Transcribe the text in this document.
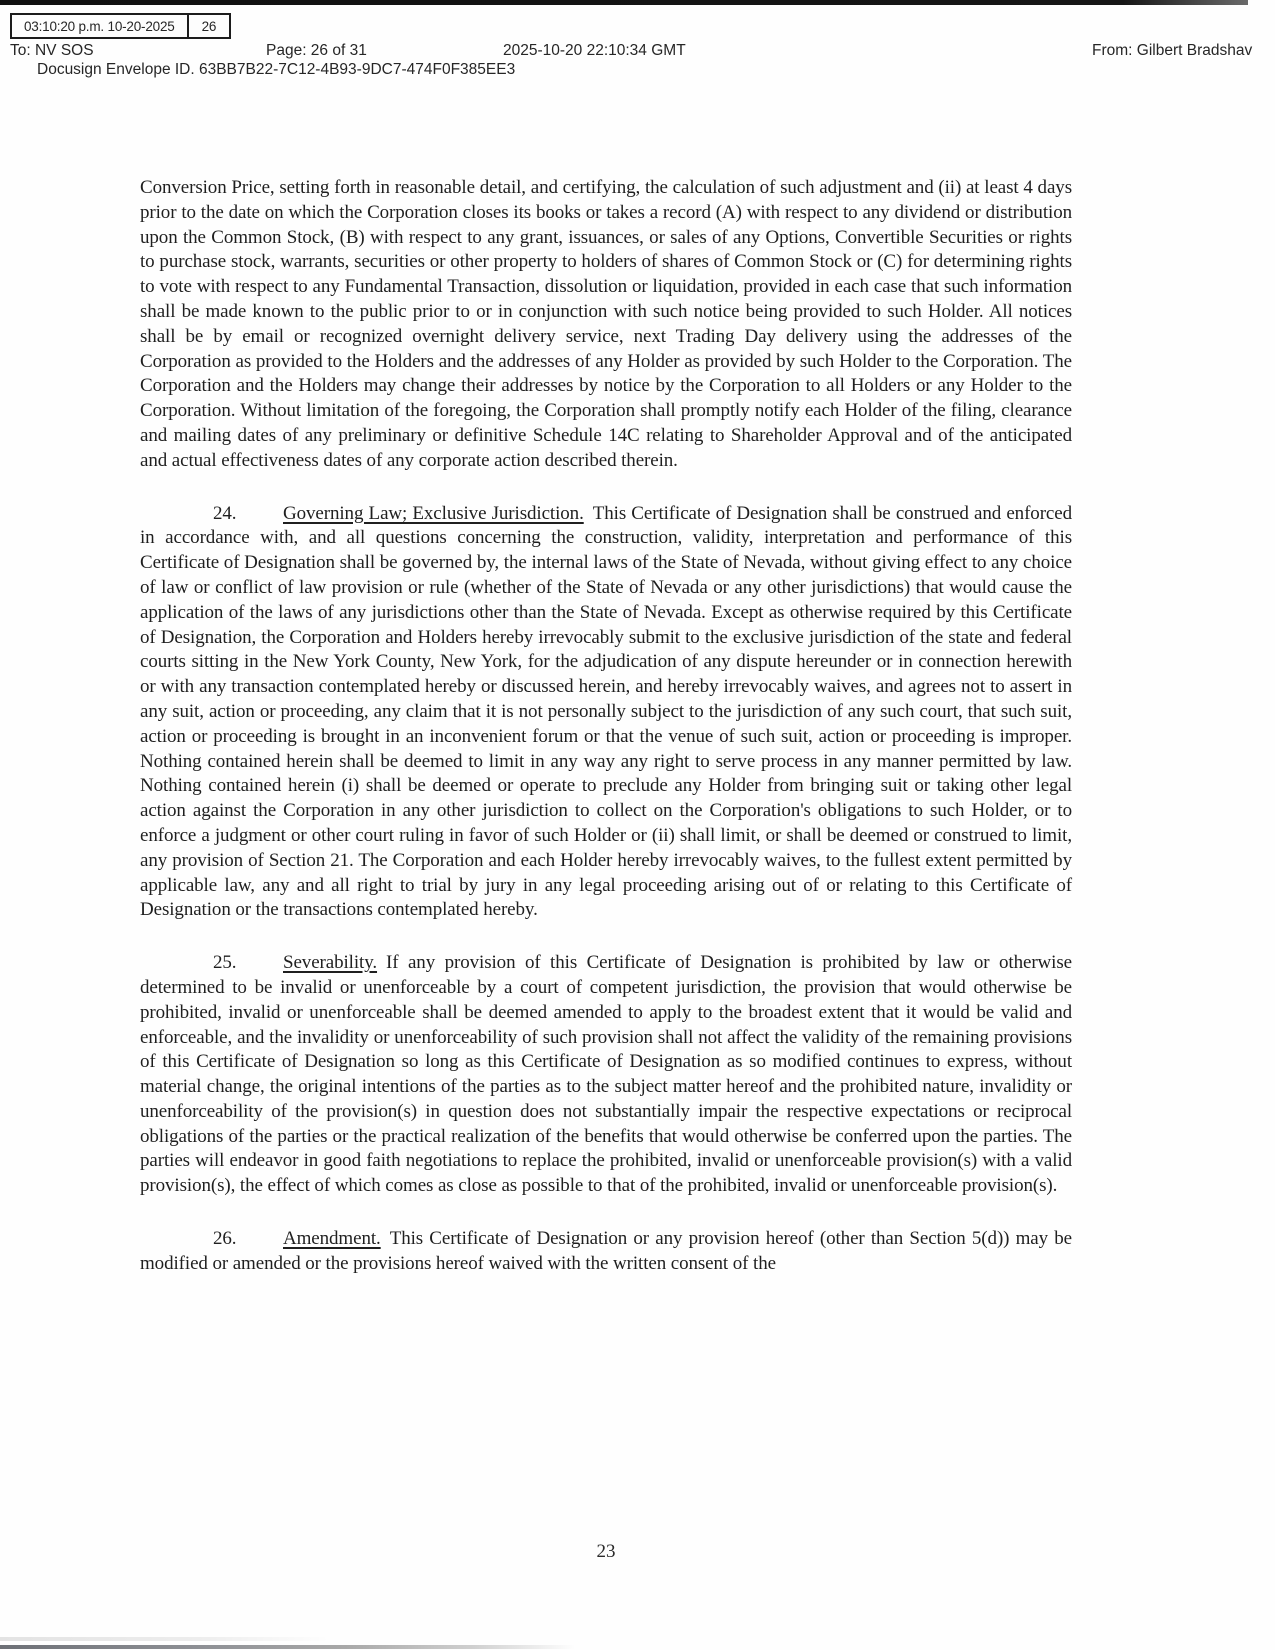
03:10:20 p.m. 10-20-2025	26
To: NV SOS	Page: 26 of 31	2025-10-20 22:10:34 GMT	From: Gilbert Bradshav
Docusign Envelope ID. 63BB7B22-7C12-4B93-9DC7-474F0F385EE3

Conversion Price, setting forth in reasonable detail, and certifying, the calculation of such adjustment and (ii) at least 4 days prior to the date on which the Corporation closes its books or takes a record (A) with respect to any dividend or distribution upon the Common Stock, (B) with respect to any grant, issuances, or sales of any Options, Convertible Securities or rights to purchase stock, warrants, securities or other property to holders of shares of Common Stock or (C) for determining rights to vote with respect to any Fundamental Transaction, dissolution or liquidation, provided in each case that such information shall be made known to the public prior to or in conjunction with such notice being provided to such Holder. All notices shall be by email or recognized overnight delivery service, next Trading Day delivery using the addresses of the Corporation as provided to the Holders and the addresses of any Holder as provided by such Holder to the Corporation. The Corporation and the Holders may change their addresses by notice by the Corporation to all Holders or any Holder to the Corporation. Without limitation of the foregoing, the Corporation shall promptly notify each Holder of the filing, clearance and mailing dates of any preliminary or definitive Schedule 14C relating to Shareholder Approval and of the anticipated and actual effectiveness dates of any corporate action described therein.

24. Governing Law; Exclusive Jurisdiction. This Certificate of Designation shall be construed and enforced in accordance with, and all questions concerning the construction, validity, interpretation and performance of this Certificate of Designation shall be governed by, the internal laws of the State of Nevada, without giving effect to any choice of law or conflict of law provision or rule (whether of the State of Nevada or any other jurisdictions) that would cause the application of the laws of any jurisdictions other than the State of Nevada. Except as otherwise required by this Certificate of Designation, the Corporation and Holders hereby irrevocably submit to the exclusive jurisdiction of the state and federal courts sitting in the New York County, New York, for the adjudication of any dispute hereunder or in connection herewith or with any transaction contemplated hereby or discussed herein, and hereby irrevocably waives, and agrees not to assert in any suit, action or proceeding, any claim that it is not personally subject to the jurisdiction of any such court, that such suit, action or proceeding is brought in an inconvenient forum or that the venue of such suit, action or proceeding is improper. Nothing contained herein shall be deemed to limit in any way any right to serve process in any manner permitted by law. Nothing contained herein (i) shall be deemed or operate to preclude any Holder from bringing suit or taking other legal action against the Corporation in any other jurisdiction to collect on the Corporation's obligations to such Holder, or to enforce a judgment or other court ruling in favor of such Holder or (ii) shall limit, or shall be deemed or construed to limit, any provision of Section 21. The Corporation and each Holder hereby irrevocably waives, to the fullest extent permitted by applicable law, any and all right to trial by jury in any legal proceeding arising out of or relating to this Certificate of Designation or the transactions contemplated hereby.

25. Severability. If any provision of this Certificate of Designation is prohibited by law or otherwise determined to be invalid or unenforceable by a court of competent jurisdiction, the provision that would otherwise be prohibited, invalid or unenforceable shall be deemed amended to apply to the broadest extent that it would be valid and enforceable, and the invalidity or unenforceability of such provision shall not affect the validity of the remaining provisions of this Certificate of Designation so long as this Certificate of Designation as so modified continues to express, without material change, the original intentions of the parties as to the subject matter hereof and the prohibited nature, invalidity or unenforceability of the provision(s) in question does not substantially impair the respective expectations or reciprocal obligations of the parties or the practical realization of the benefits that would otherwise be conferred upon the parties. The parties will endeavor in good faith negotiations to replace the prohibited, invalid or unenforceable provision(s) with a valid provision(s), the effect of which comes as close as possible to that of the prohibited, invalid or unenforceable provision(s).

26. Amendment. This Certificate of Designation or any provision hereof (other than Section 5(d)) may be modified or amended or the provisions hereof waived with the written consent of the

23
